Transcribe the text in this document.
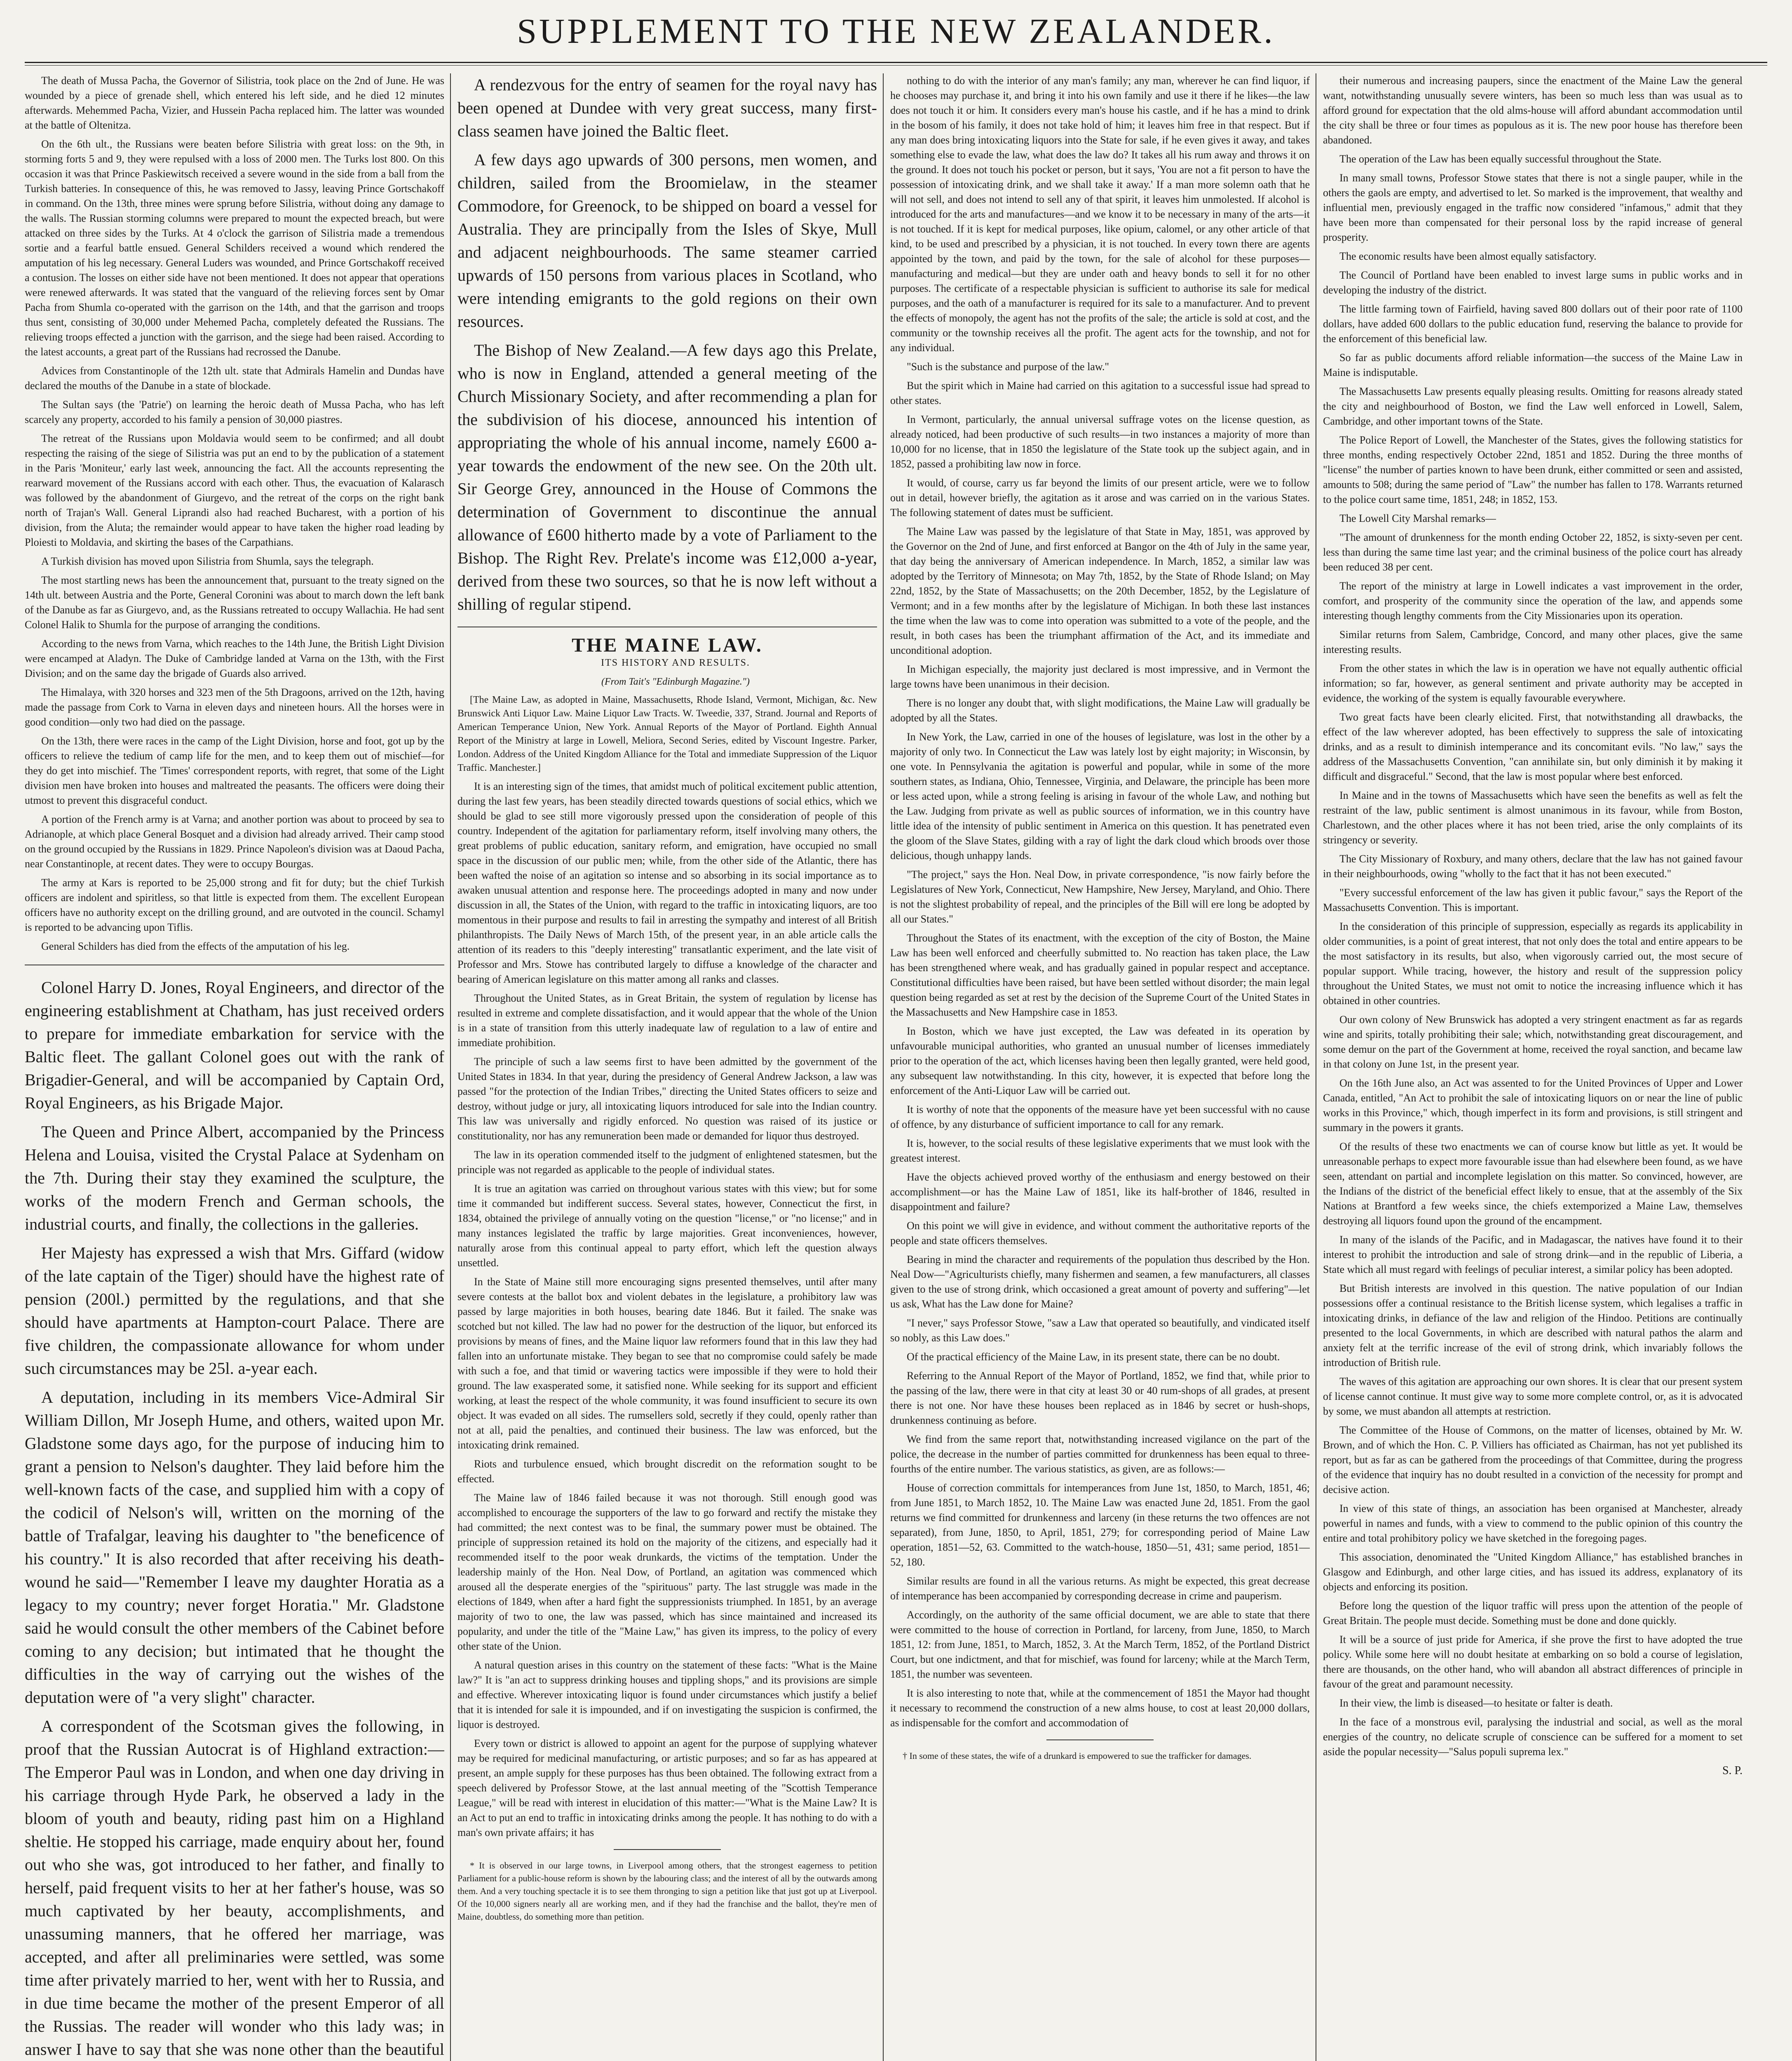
SUPPLEMENT TO THE NEW ZEALANDER.

The death of Mussa Pacha, the Governor of Silistria, took place on the 2nd of June. He was wounded by a piece of grenade shell, which entered his left side, and he died 12 minutes afterwards. Mehemmed Pacha, Vizier, and Hussein Pacha replaced him. The latter was wounded at the battle of Oltenitza.

On the 6th ult., the Russians were beaten before Silistria with great loss: on the 9th, in storming forts 5 and 9, they were repulsed with a loss of 2000 men. The Turks lost 800. On this occasion it was that Prince Paskiewitsch received a severe wound in the side from a ball from the Turkish batteries. In consequence of this, he was removed to Jassy, leaving Prince Gortschakoff in command. On the 13th, three mines were sprung before Silistria, without doing any damage to the walls. The Russian storming columns were prepared to mount the expected breach, but were attacked on three sides by the Turks. At 4 o'clock the garrison of Silistria made a tremendous sortie and a fearful battle ensued. General Schilders received a wound which rendered the amputation of his leg necessary. General Luders was wounded, and Prince Gortschakoff received a contusion. The losses on either side have not been mentioned. It does not appear that operations were renewed afterwards. It was stated that the vanguard of the relieving forces sent by Omar Pacha from Shumla co-operated with the garrison on the 14th, and that the garrison and troops thus sent, consisting of 30,000 under Mehemed Pacha, completely defeated the Russians. The relieving troops effected a junction with the garrison, and the siege had been raised. According to the latest accounts, a great part of the Russians had recrossed the Danube.

Advices from Constantinople of the 12th ult. state that Admirals Hamelin and Dundas have declared the mouths of the Danube in a state of blockade.

The Sultan says (the 'Patrie') on learning the heroic death of Mussa Pacha, who has left scarcely any property, accorded to his family a pension of 30,000 piastres.

The retreat of the Russians upon Moldavia would seem to be confirmed; and all doubt respecting the raising of the siege of Silistria was put an end to by the publication of a statement in the Paris 'Moniteur,' early last week, announcing the fact. All the accounts representing the rearward movement of the Russians accord with each other. Thus, the evacuation of Kalarasch was followed by the abandonment of Giurgevo, and the retreat of the corps on the right bank north of Trajan's Wall. General Liprandi also had reached Bucharest, with a portion of his division, from the Aluta; the remainder would appear to have taken the higher road leading by Ploiesti to Moldavia, and skirting the bases of the Carpathians.

A Turkish division has moved upon Silistria from Shumla, says the telegraph.

The most startling news has been the announcement that, pursuant to the treaty signed on the 14th ult. between Austria and the Porte, General Coronini was about to march down the left bank of the Danube as far as Giurgevo, and, as the Russians retreated to occupy Wallachia. He had sent Colonel Halik to Shumla for the purpose of arranging the conditions.

According to the news from Varna, which reaches to the 14th June, the British Light Division were encamped at Aladyn. The Duke of Cambridge landed at Varna on the 13th, with the First Division; and on the same day the brigade of Guards also arrived.

The Himalaya, with 320 horses and 323 men of the 5th Dragoons, arrived on the 12th, having made the passage from Cork to Varna in eleven days and nineteen hours. All the horses were in good condition—only two had died on the passage.

On the 13th, there were races in the camp of the Light Division, horse and foot, got up by the officers to relieve the tedium of camp life for the men, and to keep them out of mischief—for they do get into mischief. The 'Times' correspondent reports, with regret, that some of the Light division men have broken into houses and maltreated the peasants. The officers were doing their utmost to prevent this disgraceful conduct.

A portion of the French army is at Varna; and another portion was about to proceed by sea to Adrianople, at which place General Bosquet and a division had already arrived. Their camp stood on the ground occupied by the Russians in 1829. Prince Napoleon's division was at Daoud Pacha, near Constantinople, at recent dates. They were to occupy Bourgas.

The army at Kars is reported to be 25,000 strong and fit for duty; but the chief Turkish officers are indolent and spiritless, so that little is expected from them. The excellent European officers have no authority except on the drilling ground, and are outvoted in the council. Schamyl is reported to be advancing upon Tiflis.

General Schilders has died from the effects of the amputation of his leg.

Colonel Harry D. Jones, Royal Engineers, and director of the engineering establishment at Chatham, has just received orders to prepare for immediate embarkation for service with the Baltic fleet. The gallant Colonel goes out with the rank of Brigadier-General, and will be accompanied by Captain Ord, Royal Engineers, as his Brigade Major.

The Queen and Prince Albert, accompanied by the Princess Helena and Louisa, visited the Crystal Palace at Sydenham on the 7th. During their stay they examined the sculpture, the works of the modern French and German schools, the industrial courts, and finally, the collections in the galleries.

Her Majesty has expressed a wish that Mrs. Giffard (widow of the late captain of the Tiger) should have the highest rate of pension (200l.) permitted by the regulations, and that she should have apartments at Hampton-court Palace. There are five children, the compassionate allowance for whom under such circumstances may be 25l. a-year each.

A deputation, including in its members Vice-Admiral Sir William Dillon, Mr Joseph Hume, and others, waited upon Mr. Gladstone some days ago, for the purpose of inducing him to grant a pension to Nelson's daughter. They laid before him the well-known facts of the case, and supplied him with a copy of the codicil of Nelson's will, written on the morning of the battle of Trafalgar, leaving his daughter to "the beneficence of his country." It is also recorded that after receiving his death-wound he said—"Remember I leave my daughter Horatia as a legacy to my country; never forget Horatia." Mr. Gladstone said he would consult the other members of the Cabinet before coming to any decision; but intimated that he thought the difficulties in the way of carrying out the wishes of the deputation were of "a very slight" character.

A correspondent of the Scotsman gives the following, in proof that the Russian Autocrat is of Highland extraction:—The Emperor Paul was in London, and when one day driving in his carriage through Hyde Park, he observed a lady in the bloom of youth and beauty, riding past him on a Highland sheltie. He stopped his carriage, made enquiry about her, found out who she was, got introduced to her father, and finally to herself, paid frequent visits to her at her father's house, was so much captivated by her beauty, accomplishments, and unassuming manners, that he offered her marriage, was accepted, and after all preliminaries were settled, was some time after privately married to her, went with her to Russia, and in due time became the mother of the present Emperor of all the Russias. The reader will wonder who this lady was; in answer I have to say that she was none other than the beautiful

A rendezvous for the entry of seamen for the royal navy has been opened at Dundee with very great success, many first-class seamen have joined the Baltic fleet.

A few days ago upwards of 300 persons, men women, and children, sailed from the Broomielaw, in the steamer Commodore, for Greenock, to be shipped on board a vessel for Australia. They are principally from the Isles of Skye, Mull and adjacent neighbourhoods. The same steamer carried upwards of 150 persons from various places in Scotland, who were intending emigrants to the gold regions on their own resources.

The Bishop of New Zealand.—A few days ago this Prelate, who is now in England, attended a general meeting of the Church Missionary Society, and after recommending a plan for the subdivision of his diocese, announced his intention of appropriating the whole of his annual income, namely £600 a-year towards the endowment of the new see. On the 20th ult. Sir George Grey, announced in the House of Commons the determination of Government to discontinue the annual allowance of £600 hitherto made by a vote of Parliament to the Bishop. The Right Rev. Prelate's income was £12,000 a-year, derived from these two sources, so that he is now left without a shilling of regular stipend.

THE MAINE LAW.

ITS HISTORY AND RESULTS.

(From Tait's "Edinburgh Magazine.")

[The Maine Law, as adopted in Maine, Massachusetts, Rhode Island, Vermont, Michigan, &c. New Brunswick Anti Liquor Law. Maine Liquor Law Tracts. W. Tweedie, 337, Strand. Journal and Reports of American Temperance Union, New York. Annual Reports of the Mayor of Portland. Eighth Annual Report of the Ministry at large in Lowell, Meliora, Second Series, edited by Viscount Ingestre. Parker, London. Address of the United Kingdom Alliance for the Total and immediate Suppression of the Liquor Traffic. Manchester.]

It is an interesting sign of the times, that amidst much of political excitement public attention, during the last few years, has been steadily directed towards questions of social ethics, which we should be glad to see still more vigorously pressed upon the consideration of people of this country. Independent of the agitation for parliamentary reform, itself involving many others, the great problems of public education, sanitary reform, and emigration, have occupied no small space in the discussion of our public men; while, from the other side of the Atlantic, there has been wafted the noise of an agitation so intense and so absorbing in its social importance as to awaken unusual attention and response here. The proceedings adopted in many and now under discussion in all, the States of the Union, with regard to the traffic in intoxicating liquors, are too momentous in their purpose and results to fail in arresting the sympathy and interest of all British philanthropists. The Daily News of March 15th, of the present year, in an able article calls the attention of its readers to this "deeply interesting" transatlantic experiment, and the late visit of Professor and Mrs. Stowe has contributed largely to diffuse a knowledge of the character and bearing of American legislature on this matter among all ranks and classes.

Throughout the United States, as in Great Britain, the system of regulation by license has resulted in extreme and complete dissatisfaction, and it would appear that the whole of the Union is in a state of transition from this utterly inadequate law of regulation to a law of entire and immediate prohibition.

The principle of such a law seems first to have been admitted by the government of the United States in 1834. In that year, during the presidency of General Andrew Jackson, a law was passed "for the protection of the Indian Tribes," directing the United States officers to seize and destroy, without judge or jury, all intoxicating liquors introduced for sale into the Indian country. This law was universally and rigidly enforced. No question was raised of its justice or constitutionality, nor has any remuneration been made or demanded for liquor thus destroyed.

The law in its operation commended itself to the judgment of enlightened statesmen, but the principle was not regarded as applicable to the people of individual states.

It is true an agitation was carried on throughout various states with this view; but for some time it commanded but indifferent success. Several states, however, Connecticut the first, in 1834, obtained the privilege of annually voting on the question "license," or "no license;" and in many instances legislated the traffic by large majorities. Great inconveniences, however, naturally arose from this continual appeal to party effort, which left the question always unsettled.

In the State of Maine still more encouraging signs presented themselves, until after many severe contests at the ballot box and violent debates in the legislature, a prohibitory law was passed by large majorities in both houses, bearing date 1846. But it failed. The snake was scotched but not killed. The law had no power for the destruction of the liquor, but enforced its provisions by means of fines, and the Maine liquor law reformers found that in this law they had fallen into an unfortunate mistake. They began to see that no compromise could safely be made with such a foe, and that timid or wavering tactics were impossible if they were to hold their ground. The law exasperated some, it satisfied none. While seeking for its support and efficient working, at least the respect of the whole community, it was found insufficient to secure its own object. It was evaded on all sides. The rumsellers sold, secretly if they could, openly rather than not at all, paid the penalties, and continued their business. The law was enforced, but the intoxicating drink remained.

Riots and turbulence ensued, which brought discredit on the reformation sought to be effected.

The Maine law of 1846 failed because it was not thorough. Still enough good was accomplished to encourage the supporters of the law to go forward and rectify the mistake they had committed; the next contest was to be final, the summary power must be obtained. The principle of suppression retained its hold on the majority of the citizens, and especially had it recommended itself to the poor weak drunkards, the victims of the temptation. Under the leadership mainly of the Hon. Neal Dow, of Portland, an agitation was commenced which aroused all the desperate energies of the "spirituous" party. The last struggle was made in the elections of 1849, when after a hard fight the suppressionists triumphed. In 1851, by an average majority of two to one, the law was passed, which has since maintained and increased its popularity, and under the title of the "Maine Law," has given its impress, to the policy of every other state of the Union.

A natural question arises in this country on the statement of these facts: "What is the Maine law?" It is "an act to suppress drinking houses and tippling shops," and its provisions are simple and effective. Wherever intoxicating liquor is found under circumstances which justify a belief that it is intended for sale it is impounded, and if on investigating the suspicion is confirmed, the liquor is destroyed.

Every town or district is allowed to appoint an agent for the purpose of supplying whatever may be required for medicinal manufacturing, or artistic purposes; and so far as has appeared at present, an ample supply for these purposes has thus been obtained. The following extract from a speech delivered by Professor Stowe, at the last annual meeting of the "Scottish Temperance League," will be read with interest in elucidation of this matter:—"What is the Maine Law? It is an Act to put an end to traffic in intoxicating drinks among the people. It has nothing to do with a man's own private affairs; it has

* It is observed in our large towns, in Liverpool among others, that the strongest eagerness to petition Parliament for a public-house reform is shown by the labouring class; and the interest of all by the outwards among them. And a very touching spectacle it is to see them thronging to sign a petition like that just got up at Liverpool. Of the 10,000 signers nearly all are working men, and if they had the franchise and the ballot, they're men of Maine, doubtless, do something more than petition.

nothing to do with the interior of any man's family; any man, wherever he can find liquor, if he chooses may purchase it, and bring it into his own family and use it there if he likes—the law does not touch it or him. It considers every man's house his castle, and if he has a mind to drink in the bosom of his family, it does not take hold of him; it leaves him free in that respect. But if any man does bring intoxicating liquors into the State for sale, if he even gives it away, and takes something else to evade the law, what does the law do? It takes all his rum away and throws it on the ground. It does not touch his pocket or person, but it says, 'You are not a fit person to have the possession of intoxicating drink, and we shall take it away.' If a man more solemn oath that he will not sell, and does not intend to sell any of that spirit, it leaves him unmolested. If alcohol is introduced for the arts and manufactures—and we know it to be necessary in many of the arts—it is not touched. If it is kept for medical purposes, like opium, calomel, or any other article of that kind, to be used and prescribed by a physician, it is not touched. In every town there are agents appointed by the town, and paid by the town, for the sale of alcohol for these purposes—manufacturing and medical—but they are under oath and heavy bonds to sell it for no other purposes. The certificate of a respectable physician is sufficient to authorise its sale for medical purposes, and the oath of a manufacturer is required for its sale to a manufacturer. And to prevent the effects of monopoly, the agent has not the profits of the sale; the article is sold at cost, and the community or the township receives all the profit. The agent acts for the township, and not for any individual.

"Such is the substance and purpose of the law."

But the spirit which in Maine had carried on this agitation to a successful issue had spread to other states.

In Vermont, particularly, the annual universal suffrage votes on the license question, as already noticed, had been productive of such results—in two instances a majority of more than 10,000 for no license, that in 1850 the legislature of the State took up the subject again, and in 1852, passed a prohibiting law now in force.

It would, of course, carry us far beyond the limits of our present article, were we to follow out in detail, however briefly, the agitation as it arose and was carried on in the various States. The following statement of dates must be sufficient.

The Maine Law was passed by the legislature of that State in May, 1851, was approved by the Governor on the 2nd of June, and first enforced at Bangor on the 4th of July in the same year, that day being the anniversary of American independence. In March, 1852, a similar law was adopted by the Territory of Minnesota; on May 7th, 1852, by the State of Rhode Island; on May 22nd, 1852, by the State of Massachusetts; on the 20th December, 1852, by the Legislature of Vermont; and in a few months after by the legislature of Michigan. In both these last instances the time when the law was to come into operation was submitted to a vote of the people, and the result, in both cases has been the triumphant affirmation of the Act, and its immediate and unconditional adoption.

In Michigan especially, the majority just declared is most impressive, and in Vermont the large towns have been unanimous in their decision.

There is no longer any doubt that, with slight modifications, the Maine Law will gradually be adopted by all the States.

In New York, the Law, carried in one of the houses of legislature, was lost in the other by a majority of only two. In Connecticut the Law was lately lost by eight majority; in Wisconsin, by one vote. In Pennsylvania the agitation is powerful and popular, while in some of the more southern states, as Indiana, Ohio, Tennessee, Virginia, and Delaware, the principle has been more or less acted upon, while a strong feeling is arising in favour of the whole Law, and nothing but the Law. Judging from private as well as public sources of information, we in this country have little idea of the intensity of public sentiment in America on this question. It has penetrated even the gloom of the Slave States, gilding with a ray of light the dark cloud which broods over those delicious, though unhappy lands.

"The project," says the Hon. Neal Dow, in private correspondence, "is now fairly before the Legislatures of New York, Connecticut, New Hampshire, New Jersey, Maryland, and Ohio. There is not the slightest probability of repeal, and the principles of the Bill will ere long be adopted by all our States."

Throughout the States of its enactment, with the exception of the city of Boston, the Maine Law has been well enforced and cheerfully submitted to. No reaction has taken place, the Law has been strengthened where weak, and has gradually gained in popular respect and acceptance. Constitutional difficulties have been raised, but have been settled without disorder; the main legal question being regarded as set at rest by the decision of the Supreme Court of the United States in the Massachusetts and New Hampshire case in 1853.

In Boston, which we have just excepted, the Law was defeated in its operation by unfavourable municipal authorities, who granted an unusual number of licenses immediately prior to the operation of the act, which licenses having been then legally granted, were held good, any subsequent law notwithstanding. In this city, however, it is expected that before long the enforcement of the Anti-Liquor Law will be carried out.

It is worthy of note that the opponents of the measure have yet been successful with no cause of offence, by any disturbance of sufficient importance to call for any remark.

It is, however, to the social results of these legislative experiments that we must look with the greatest interest.

Have the objects achieved proved worthy of the enthusiasm and energy bestowed on their accomplishment—or has the Maine Law of 1851, like its half-brother of 1846, resulted in disappointment and failure?

On this point we will give in evidence, and without comment the authoritative reports of the people and state officers themselves.

Bearing in mind the character and requirements of the population thus described by the Hon. Neal Dow—"Agriculturists chiefly, many fishermen and seamen, a few manufacturers, all classes given to the use of strong drink, which occasioned a great amount of poverty and suffering"—let us ask, What has the Law done for Maine?

"I never," says Professor Stowe, "saw a Law that operated so beautifully, and vindicated itself so nobly, as this Law does."

Of the practical efficiency of the Maine Law, in its present state, there can be no doubt.

Referring to the Annual Report of the Mayor of Portland, 1852, we find that, while prior to the passing of the law, there were in that city at least 30 or 40 rum-shops of all grades, at present there is not one. Nor have these houses been replaced as in 1846 by secret or hush-shops, drunkenness continuing as before.

We find from the same report that, notwithstanding increased vigilance on the part of the police, the decrease in the number of parties committed for drunkenness has been equal to three-fourths of the entire number. The various statistics, as given, are as follows:—

House of correction committals for intemperances from June 1st, 1850, to March, 1851, 46; from June 1851, to March 1852, 10. The Maine Law was enacted June 2d, 1851. From the gaol returns we find committed for drunkenness and larceny (in these returns the two offences are not separated), from June, 1850, to April, 1851, 279; for corresponding period of Maine Law operation, 1851—52, 63. Committed to the watch-house, 1850—51, 431; same period, 1851—52, 180.

Similar results are found in all the various returns. As might be expected, this great decrease of intemperance has been accompanied by corresponding decrease in crime and pauperism.

Accordingly, on the authority of the same official document, we are able to state that there were committed to the house of correction in Portland, for larceny, from June, 1850, to March 1851, 12: from June, 1851, to March, 1852, 3. At the March Term, 1852, of the Portland District Court, but one indictment, and that for mischief, was found for larceny; while at the March Term, 1851, the number was seventeen.

It is also interesting to note that, while at the commencement of 1851 the Mayor had thought it necessary to recommend the construction of a new alms house, to cost at least 20,000 dollars, as indispensable for the comfort and accommodation of

† In some of these states, the wife of a drunkard is empowered to sue the trafficker for damages.

their numerous and increasing paupers, since the enactment of the Maine Law the general want, notwithstanding unusually severe winters, has been so much less than was usual as to afford ground for expectation that the old alms-house will afford abundant accommodation until the city shall be three or four times as populous as it is. The new poor house has therefore been abandoned.

The operation of the Law has been equally successful throughout the State.

In many small towns, Professor Stowe states that there is not a single pauper, while in the others the gaols are empty, and advertised to let. So marked is the improvement, that wealthy and influential men, previously engaged in the traffic now considered "infamous," admit that they have been more than compensated for their personal loss by the rapid increase of general prosperity.

The economic results have been almost equally satisfactory.

The Council of Portland have been enabled to invest large sums in public works and in developing the industry of the district.

The little farming town of Fairfield, having saved 800 dollars out of their poor rate of 1100 dollars, have added 600 dollars to the public education fund, reserving the balance to provide for the enforcement of this beneficial law.

So far as public documents afford reliable information—the success of the Maine Law in Maine is indisputable.

The Massachusetts Law presents equally pleasing results. Omitting for reasons already stated the city and neighbourhood of Boston, we find the Law well enforced in Lowell, Salem, Cambridge, and other important towns of the State.

The Police Report of Lowell, the Manchester of the States, gives the following statistics for three months, ending respectively October 22nd, 1851 and 1852. During the three months of "license" the number of parties known to have been drunk, either committed or seen and assisted, amounts to 508; during the same period of "Law" the number has fallen to 178. Warrants returned to the police court same time, 1851, 248; in 1852, 153.

The Lowell City Marshal remarks—

"The amount of drunkenness for the month ending October 22, 1852, is sixty-seven per cent. less than during the same time last year; and the criminal business of the police court has already been reduced 38 per cent.

The report of the ministry at large in Lowell indicates a vast improvement in the order, comfort, and prosperity of the community since the operation of the law, and appends some interesting though lengthy comments from the City Missionaries upon its operation.

Similar returns from Salem, Cambridge, Concord, and many other places, give the same interesting results.

From the other states in which the law is in operation we have not equally authentic official information; so far, however, as general sentiment and private authority may be accepted in evidence, the working of the system is equally favourable everywhere.

Two great facts have been clearly elicited. First, that notwithstanding all drawbacks, the effect of the law wherever adopted, has been effectively to suppress the sale of intoxicating drinks, and as a result to diminish intemperance and its concomitant evils. "No law," says the address of the Massachusetts Convention, "can annihilate sin, but only diminish it by making it difficult and disgraceful." Second, that the law is most popular where best enforced.

In Maine and in the towns of Massachusetts which have seen the benefits as well as felt the restraint of the law, public sentiment is almost unanimous in its favour, while from Boston, Charlestown, and the other places where it has not been tried, arise the only complaints of its stringency or severity.

The City Missionary of Roxbury, and many others, declare that the law has not gained favour in their neighbourhoods, owing "wholly to the fact that it has not been executed."

"Every successful enforcement of the law has given it public favour," says the Report of the Massachusetts Convention. This is important.

In the consideration of this principle of suppression, especially as regards its applicability in older communities, is a point of great interest, that not only does the total and entire appears to be the most satisfactory in its results, but also, when vigorously carried out, the most secure of popular support. While tracing, however, the history and result of the suppression policy throughout the United States, we must not omit to notice the increasing influence which it has obtained in other countries.

Our own colony of New Brunswick has adopted a very stringent enactment as far as regards wine and spirits, totally prohibiting their sale; which, notwithstanding great discouragement, and some demur on the part of the Government at home, received the royal sanction, and became law in that colony on June 1st, in the present year.

On the 16th June also, an Act was assented to for the United Provinces of Upper and Lower Canada, entitled, "An Act to prohibit the sale of intoxicating liquors on or near the line of public works in this Province," which, though imperfect in its form and provisions, is still stringent and summary in the powers it grants.

Of the results of these two enactments we can of course know but little as yet. It would be unreasonable perhaps to expect more favourable issue than had elsewhere been found, as we have seen, attendant on partial and incomplete legislation on this matter. So convinced, however, are the Indians of the district of the beneficial effect likely to ensue, that at the assembly of the Six Nations at Brantford a few weeks since, the chiefs extemporized a Maine Law, themselves destroying all liquors found upon the ground of the encampment.

In many of the islands of the Pacific, and in Madagascar, the natives have found it to their interest to prohibit the introduction and sale of strong drink—and in the republic of Liberia, a State which all must regard with feelings of peculiar interest, a similar policy has been adopted.

But British interests are involved in this question. The native population of our Indian possessions offer a continual resistance to the British license system, which legalises a traffic in intoxicating drinks, in defiance of the law and religion of the Hindoo. Petitions are continually presented to the local Governments, in which are described with natural pathos the alarm and anxiety felt at the terrific increase of the evil of strong drink, which invariably follows the introduction of British rule.

The waves of this agitation are approaching our own shores. It is clear that our present system of license cannot continue. It must give way to some more complete control, or, as it is advocated by some, we must abandon all attempts at restriction.

The Committee of the House of Commons, on the matter of licenses, obtained by Mr. W. Brown, and of which the Hon. C. P. Villiers has officiated as Chairman, has not yet published its report, but as far as can be gathered from the proceedings of that Committee, during the progress of the evidence that inquiry has no doubt resulted in a conviction of the necessity for prompt and decisive action.

In view of this state of things, an association has been organised at Manchester, already powerful in names and funds, with a view to commend to the public opinion of this country the entire and total prohibitory policy we have sketched in the foregoing pages.

This association, denominated the "United Kingdom Alliance," has established branches in Glasgow and Edinburgh, and other large cities, and has issued its address, explanatory of its objects and enforcing its position.

Before long the question of the liquor traffic will press upon the attention of the people of Great Britain. The people must decide. Something must be done and done quickly.

It will be a source of just pride for America, if she prove the first to have adopted the true policy. While some here will no doubt hesitate at embarking on so bold a course of legislation, there are thousands, on the other hand, who will abandon all abstract differences of principle in favour of the great and paramount necessity.

In their view, the limb is diseased—to hesitate or falter is death.

In the face of a monstrous evil, paralysing the industrial and social, as well as the moral energies of the country, no delicate scruple of conscience can be suffered for a moment to set aside the popular necessity—"Salus populi suprema lex."

S. P.
